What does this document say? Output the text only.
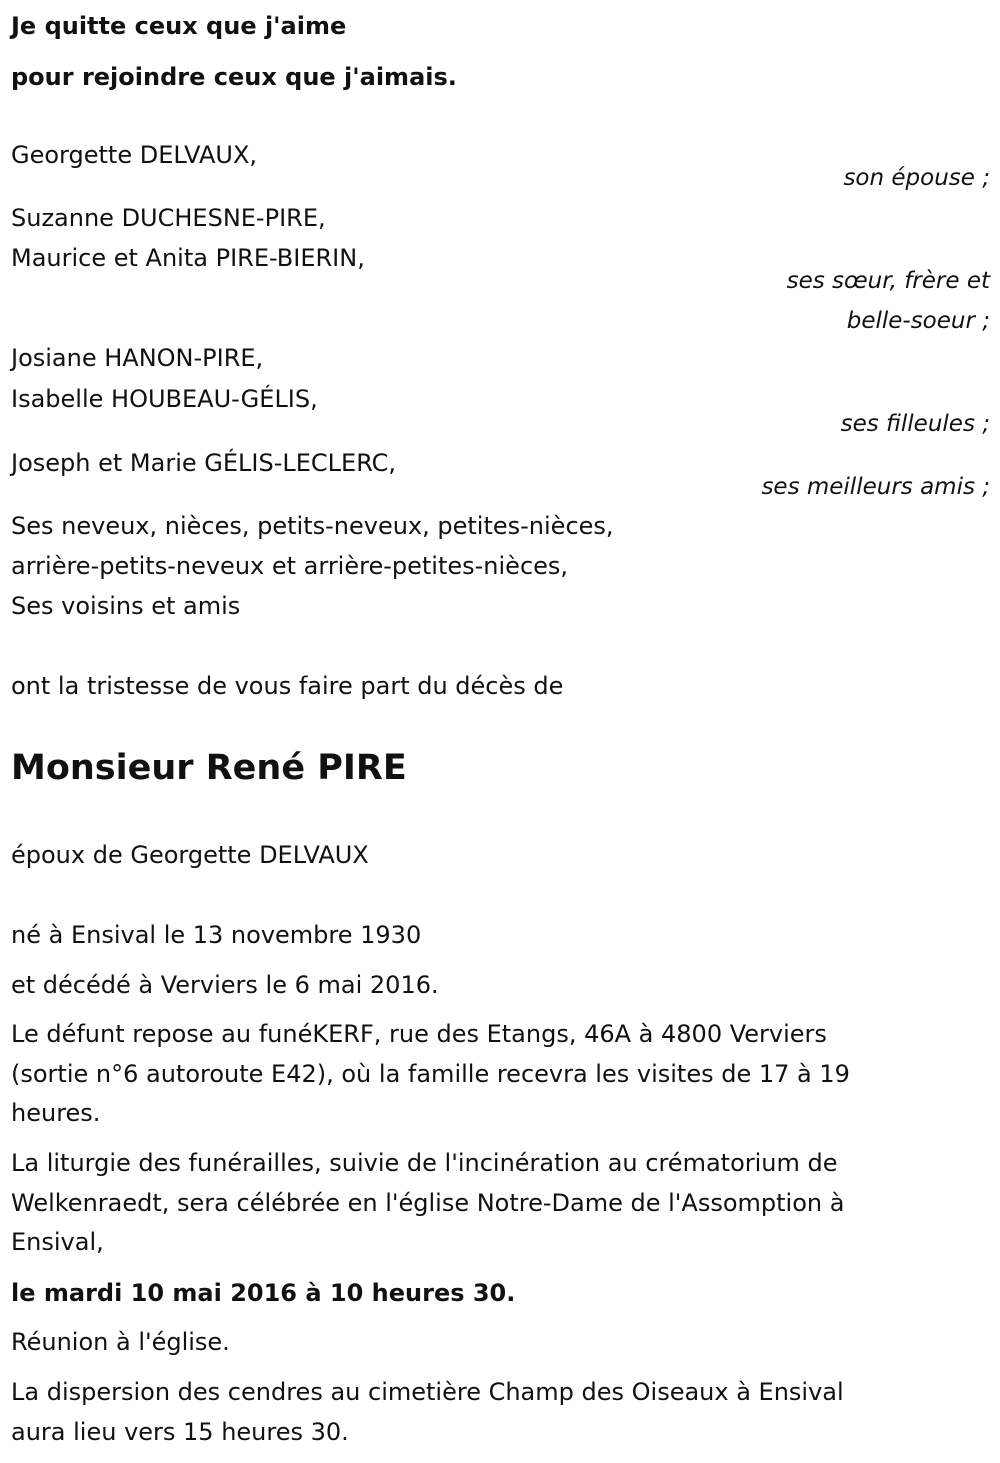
Je quitte ceux que j'aime
pour rejoindre ceux que j'aimais.
Georgette DELVAUX,
son épouse ;
Suzanne DUCHESNE-PIRE,
Maurice et Anita PIRE-BIERIN,
ses sœur, frère et
belle-soeur ;
Josiane HANON-PIRE,
Isabelle HOUBEAU-GÉLIS,
ses filleules ;
Joseph et Marie GÉLIS-LECLERC,
ses meilleurs amis ;
Ses neveux, nièces, petits-neveux, petites-nièces,
arrière-petits-neveux et arrière-petites-nièces,
Ses voisins et amis
ont la tristesse de vous faire part du décès de
Monsieur René PIRE
époux de Georgette DELVAUX
né à Ensival le 13 novembre 1930
et décédé à Verviers le 6 mai 2016.
Le défunt repose au funéKERF, rue des Etangs, 46A à 4800 Verviers
(sortie n°6 autoroute E42), où la famille recevra les visites de 17 à 19
heures.
La liturgie des funérailles, suivie de l'incinération au crématorium de
Welkenraedt, sera célébrée en l'église Notre-Dame de l'Assomption à
Ensival,
le mardi 10 mai 2016 à 10 heures 30.
Réunion à l'église.
La dispersion des cendres au cimetière Champ des Oiseaux à Ensival
aura lieu vers 15 heures 30.
